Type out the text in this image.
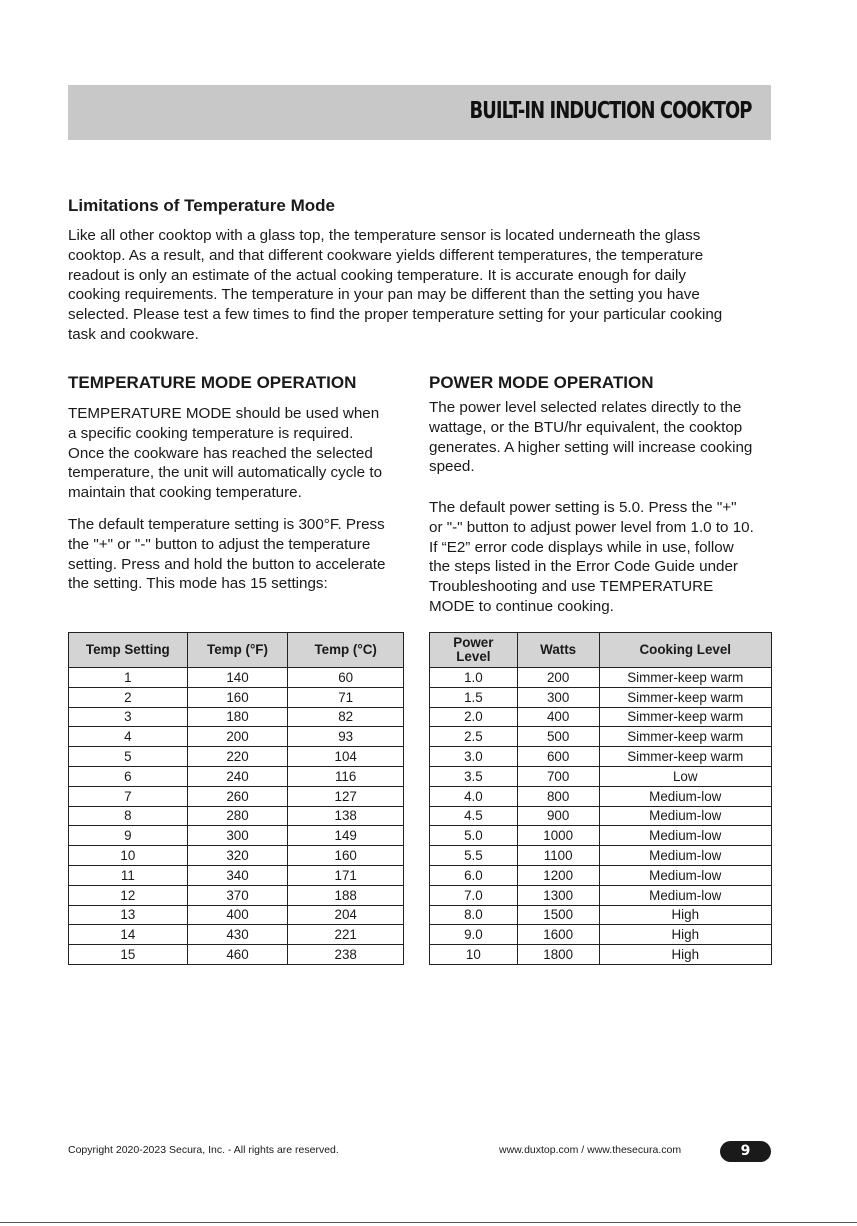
BUILT-IN INDUCTION COOKTOP
Limitations of Temperature Mode
Like all other cooktop with a glass top, the temperature sensor is located underneath the glass
cooktop. As a result, and that different cookware yields different temperatures, the temperature
readout is only an estimate of the actual cooking temperature. It is accurate enough for daily
cooking requirements. The temperature in your pan may be different than the setting you have
selected. Please test a few times to find the proper temperature setting for your particular cooking
task and cookware.
TEMPERATURE MODE OPERATION
TEMPERATURE MODE should be used when
a specific cooking temperature is required.
Once the cookware has reached the selected
temperature, the unit will automatically cycle to
maintain that cooking temperature.
The default temperature setting is 300°F. Press
the "+" or "-" button to adjust the temperature
setting. Press and hold the button to accelerate
the setting. This mode has 15 settings:
POWER MODE OPERATION
The power level selected relates directly to the
wattage, or the BTU/hr equivalent, the cooktop
generates. A higher setting will increase cooking
speed.
The default power setting is 5.0. Press the "+"
or "-" button to adjust power level from 1.0 to 10.
If “E2” error code displays while in use, follow
the steps listed in the Error Code Guide under
Troubleshooting and use TEMPERATURE
MODE to continue cooking.
Temp Setting	Temp (°F)	Temp (°C)
1	140	60
2	160	71
3	180	82
4	200	93
5	220	104
6	240	116
7	260	127
8	280	138
9	300	149
10	320	160
11	340	171
12	370	188
13	400	204
14	430	221
15	460	238
Power
Level	Watts	Cooking Level
1.0	200	Simmer-keep warm
1.5	300	Simmer-keep warm
2.0	400	Simmer-keep warm
2.5	500	Simmer-keep warm
3.0	600	Simmer-keep warm
3.5	700	Low
4.0	800	Medium-low
4.5	900	Medium-low
5.0	1000	Medium-low
5.5	1100	Medium-low
6.0	1200	Medium-low
7.0	1300	Medium-low
8.0	1500	High
9.0	1600	High
10	1800	High
Copyright 2020-2023 Secura, Inc. - All rights are reserved.	www.duxtop.com / www.thesecura.com	9
